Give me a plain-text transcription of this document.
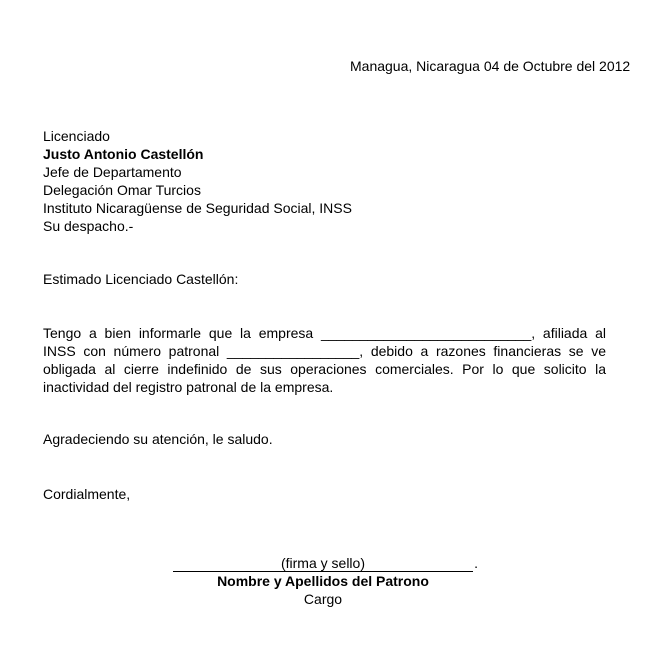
Managua, Nicaragua 04 de Octubre del 2012
Licenciado
Justo Antonio Castellón
Jefe de Departamento
Delegación Omar Turcios
Instituto Nicaragüense de Seguridad Social, INSS
Su despacho.-
Estimado Licenciado Castellón:
Tengo a bien informarle que la empresa ___________________________, afiliada al INSS con número patronal _________________, debido a razones financieras se ve obligada al cierre indefinido de sus operaciones comerciales. Por lo que solicito la inactividad del registro patronal de la empresa.
Agradeciendo su atención, le saludo.
Cordialmente,
(firma y sello)	.
Nombre y Apellidos del Patrono
Cargo
